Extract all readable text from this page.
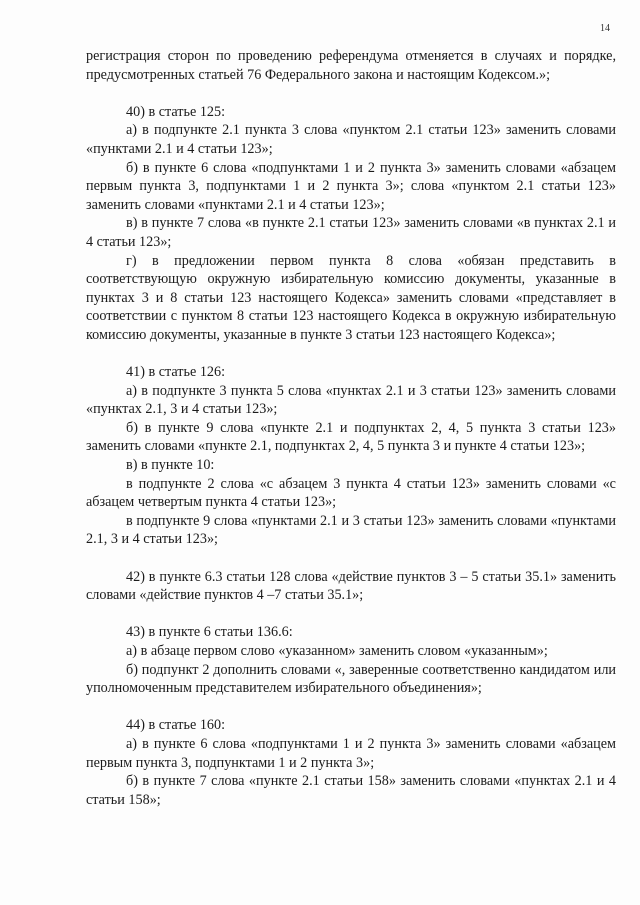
14

регистрация сторон по проведению референдума отменяется в случаях и порядке, предусмотренных статьей 76 Федерального закона и настоящим Кодексом.»;

40) в статье 125:

а) в подпункте 2.1 пункта 3 слова «пунктом 2.1 статьи 123» заменить словами «пунктами 2.1 и 4 статьи 123»;

б) в пункте 6 слова «подпунктами 1 и 2 пункта 3» заменить словами «абзацем первым пункта 3, подпунктами 1 и 2 пункта 3»; слова «пунктом 2.1 статьи 123» заменить словами «пунктами 2.1 и 4 статьи 123»;

в) в пункте 7 слова «в пункте 2.1 статьи 123» заменить словами «в пунктах 2.1 и 4 статьи 123»;

г) в предложении первом пункта 8 слова «обязан представить в соответствующую окружную избирательную комиссию документы, указанные в пунктах 3 и 8 статьи 123 настоящего Кодекса» заменить словами «представляет в соответствии с пунктом 8 статьи 123 настоящего Кодекса в окружную избирательную комиссию документы, указанные в пункте 3 статьи 123 настоящего Кодекса»;

41) в статье 126:

а) в подпункте 3 пункта 5 слова «пунктах 2.1 и 3 статьи 123» заменить словами «пунктах 2.1, 3 и 4 статьи 123»;

б) в пункте 9 слова «пункте 2.1 и подпунктах 2, 4, 5 пункта 3 статьи 123» заменить словами «пункте 2.1, подпунктах 2, 4, 5 пункта 3 и пункте 4 статьи 123»;

в) в пункте 10:

в подпункте 2 слова «с абзацем 3 пункта 4 статьи 123» заменить словами «с абзацем четвертым пункта 4 статьи 123»;

в подпункте 9 слова «пунктами 2.1 и 3 статьи 123» заменить словами «пунктами 2.1, 3 и 4 статьи 123»;

42) в пункте 6.3 статьи 128 слова «действие пунктов 3 – 5 статьи 35.1» заменить словами «действие пунктов 4 –7 статьи 35.1»;

43) в пункте 6 статьи 136.6:

а) в абзаце первом слово «указанном» заменить словом «указанным»;

б) подпункт 2 дополнить словами «, заверенные соответственно кандидатом или уполномоченным представителем избирательного объединения»;

44) в статье 160:

а) в пункте 6 слова «подпунктами 1 и 2 пункта 3» заменить словами «абзацем первым пункта 3, подпунктами 1 и 2 пункта 3»;

б) в пункте 7 слова «пункте 2.1 статьи 158» заменить словами «пунктах 2.1 и 4 статьи 158»;
